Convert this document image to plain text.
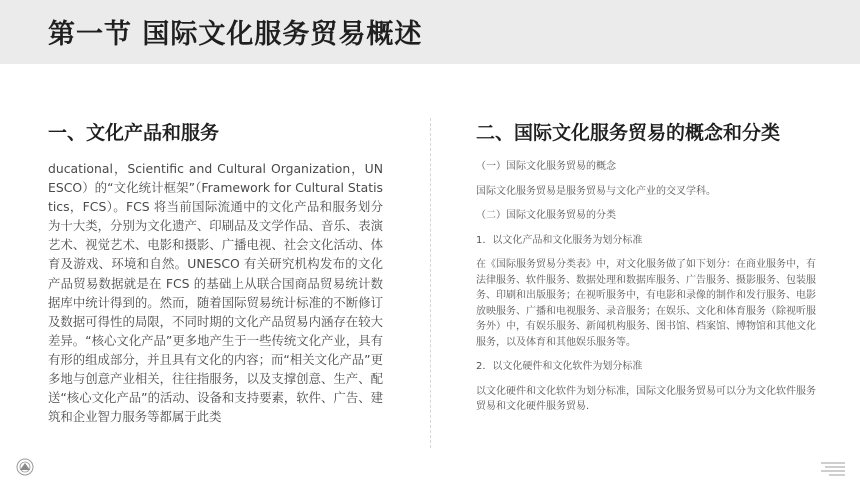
第一节 国际文化服务贸易概述
一、文化产品和服务

ducational，Scientific and Cultural Organization，UNESCO）的“文化统计框架”（Framework for Cultural Statistics，FCS）。FCS 将当前国际流通中的文化产品和服务划分为十大类，分别为文化遗产、印刷品及文学作品、音乐、表演艺术、视觉艺术、电影和摄影、广播电视、社会文化活动、体育及游戏、环境和自然。UNESCO 有关研究机构发布的文化产品贸易数据就是在 FCS 的基础上从联合国商品贸易统计数据库中统计得到的。然而，随着国际贸易统计标准的不断修订及数据可得性的局限，不同时期的文化产品贸易内涵存在较大差异。“核心文化产品”更多地产生于一些传统文化产业，具有有形的组成部分，并且具有文化的内容；而“相关文化产品”更多地与创意产业相关，往往指服务，以及支撑创意、生产、配送“核心文化产品”的活动、设备和支持要素，软件、广告、建筑和企业智力服务等都属于此类

二、国际文化服务贸易的概念和分类

（一）国际文化服务贸易的概念

国际文化服务贸易是服务贸易与文化产业的交叉学科。

（二）国际文化服务贸易的分类

1．以文化产品和文化服务为划分标准

在《国际服务贸易分类表》中，对文化服务做了如下划分：在商业服务中，有法律服务、软件服务、数据处理和数据库服务、广告服务、摄影服务、包装服务、印刷和出版服务；在视听服务中，有电影和录像的制作和发行服务、电影放映服务、广播和电视服务、录音服务；在娱乐、文化和体育服务（除视听服务外）中，有娱乐服务、新闻机构服务、图书馆、档案馆、博物馆和其他文化服务，以及体育和其他娱乐服务等。

2．以文化硬件和文化软件为划分标准

以文化硬件和文化软件为划分标准，国际文化服务贸易可以分为文化软件服务贸易和文化硬件服务贸易.
